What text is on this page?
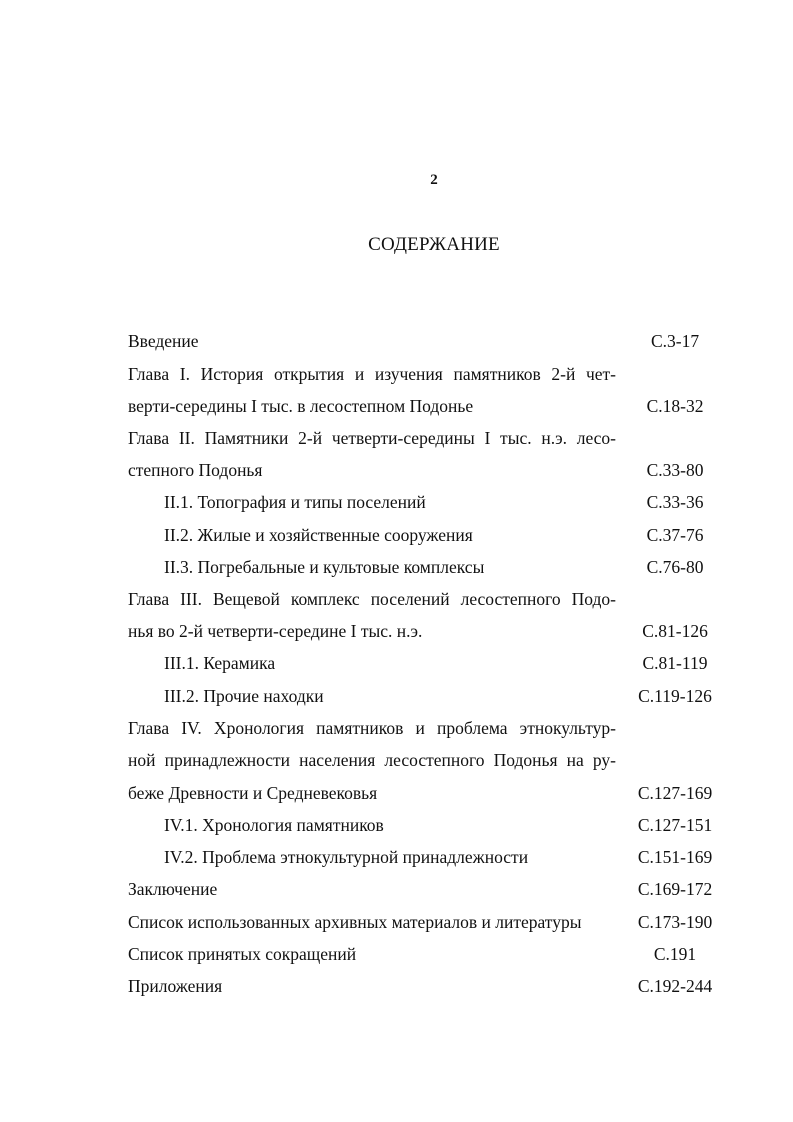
2
СОДЕРЖАНИЕ
Введение	С.3-17
Глава I. История открытия и изучения памятников 2-й чет-
верти-середины I тыс. в лесостепном Подонье	С.18-32
Глава II. Памятники 2-й четверти-середины I тыс. н.э. лесо-
степного Подонья	С.33-80
II.1. Топография и типы поселений	С.33-36
II.2. Жилые и хозяйственные сооружения	С.37-76
II.3. Погребальные и культовые комплексы	С.76-80
Глава III. Вещевой комплекс поселений лесостепного Подо-
нья во 2-й четверти-середине I тыс. н.э.	С.81-126
III.1. Керамика	С.81-119
III.2. Прочие находки	С.119-126
Глава IV. Хронология памятников и проблема этнокультур-
ной принадлежности населения лесостепного Подонья на ру-
беже Древности и Средневековья	С.127-169
IV.1. Хронология памятников	С.127-151
IV.2. Проблема этнокультурной принадлежности	С.151-169
Заключение	С.169-172
Список использованных архивных материалов и литературы	С.173-190
Список принятых сокращений	С.191
Приложения	С.192-244
